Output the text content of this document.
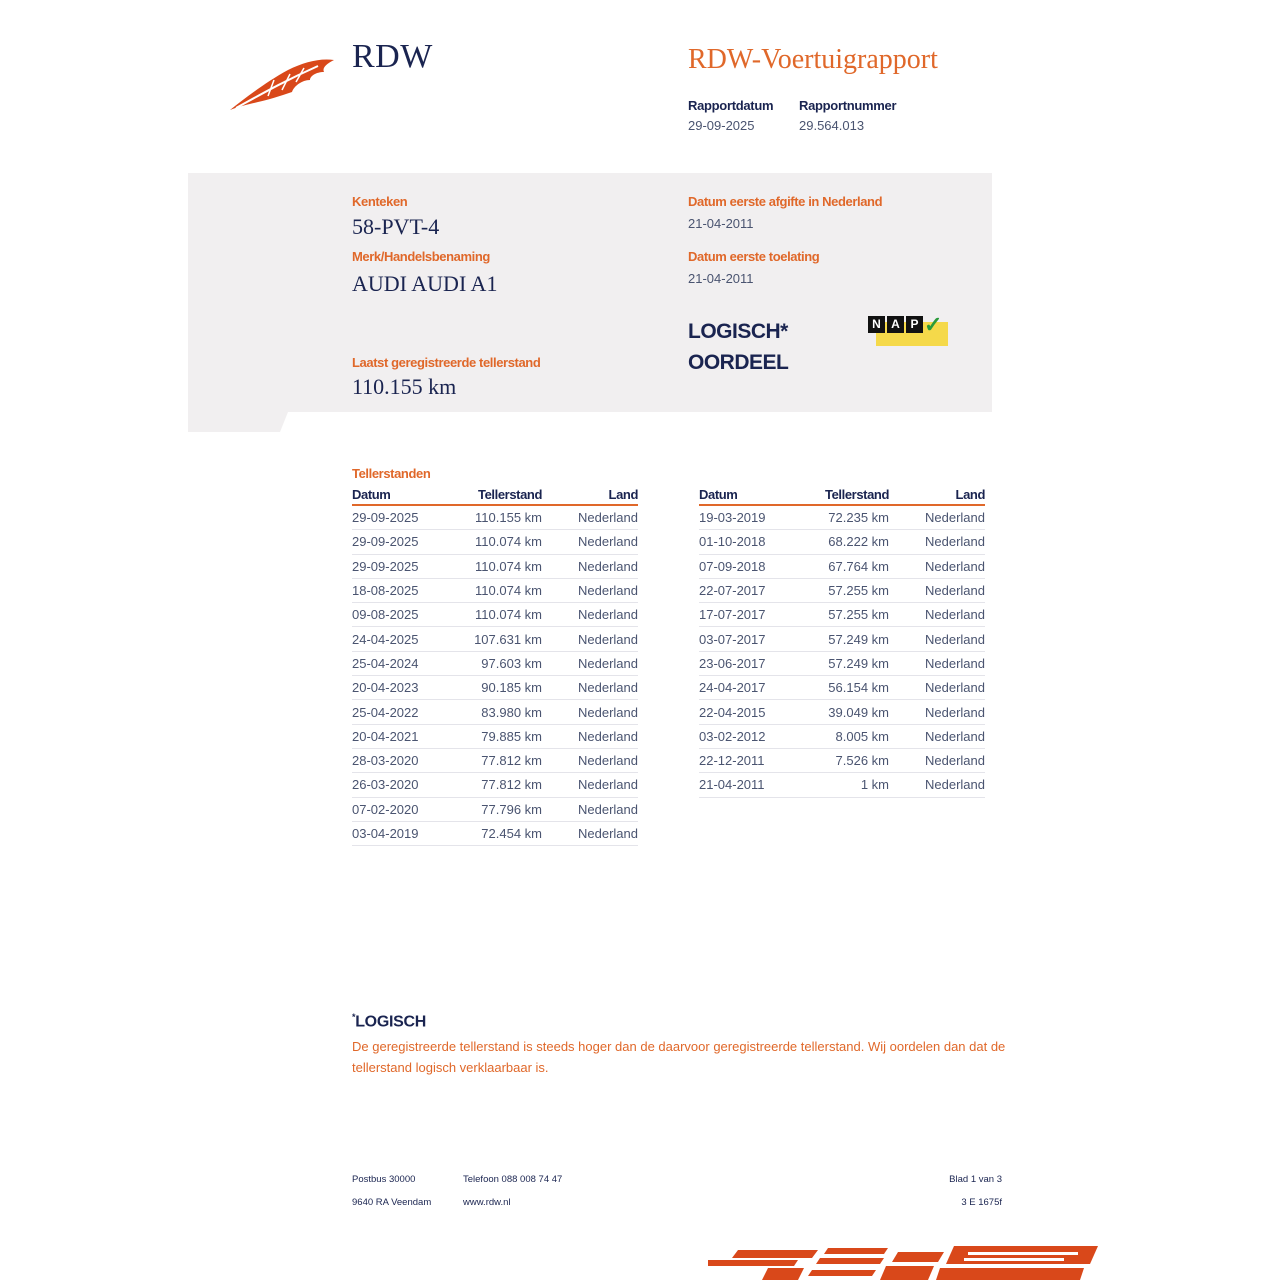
RDW	RDW-Voertuigrapport
Rapportdatum
29-09-2025
Rapportnummer
29.564.013
Kenteken
58-PVT-4
Merk/Handelsbenaming
AUDI AUDI A1
Datum eerste afgifte in Nederland
21-04-2011
Datum eerste toelating
21-04-2011
LOGISCH*
OORDEEL
N A P ✓
Laatst geregistreerde tellerstand
110.155 km
Tellerstanden
Datum	Tellerstand	Land
29-09-2025	110.155 km	Nederland
29-09-2025	110.074 km	Nederland
29-09-2025	110.074 km	Nederland
18-08-2025	110.074 km	Nederland
09-08-2025	110.074 km	Nederland
24-04-2025	107.631 km	Nederland
25-04-2024	97.603 km	Nederland
20-04-2023	90.185 km	Nederland
25-04-2022	83.980 km	Nederland
20-04-2021	79.885 km	Nederland
28-03-2020	77.812 km	Nederland
26-03-2020	77.812 km	Nederland
07-02-2020	77.796 km	Nederland
03-04-2019	72.454 km	Nederland
Datum	Tellerstand	Land
19-03-2019	72.235 km	Nederland
01-10-2018	68.222 km	Nederland
07-09-2018	67.764 km	Nederland
22-07-2017	57.255 km	Nederland
17-07-2017	57.255 km	Nederland
03-07-2017	57.249 km	Nederland
23-06-2017	57.249 km	Nederland
24-04-2017	56.154 km	Nederland
22-04-2015	39.049 km	Nederland
03-02-2012	8.005 km	Nederland
22-12-2011	7.526 km	Nederland
21-04-2011	1 km	Nederland
*LOGISCH
De geregistreerde tellerstand is steeds hoger dan de daarvoor geregistreerde tellerstand. Wij oordelen dan dat de tellerstand logisch verklaarbaar is.
Postbus 30000
9640 RA Veendam
Telefoon 088 008 74 47
www.rdw.nl
Blad 1 van 3
3 E 1675f
